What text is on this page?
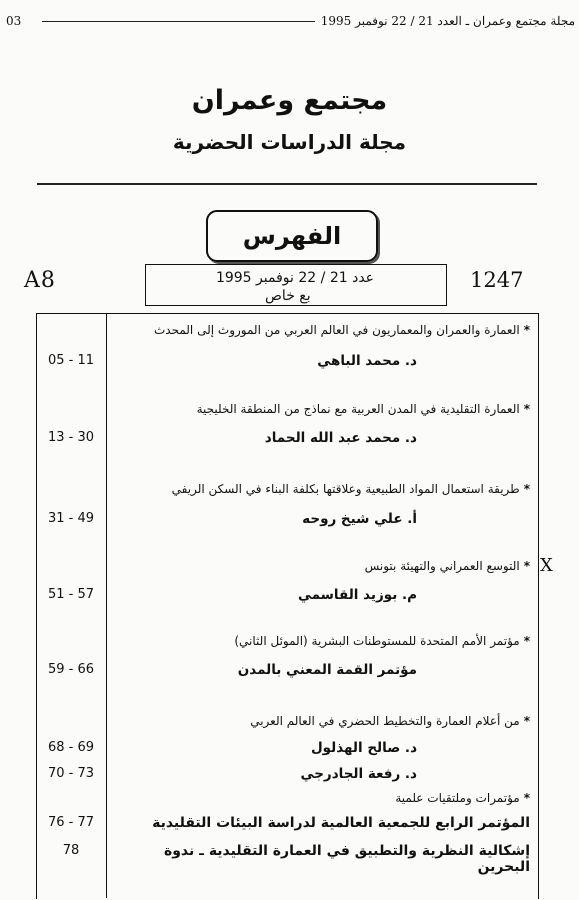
03	مجلة مجتمع وعمران ـ العدد 21 / 22 نوفمبر 1995
مجتمع وعمران
مجلة الدراسات الحضرية
الفهرس
A8	1247
عدد 21 / 22 نوفمبر 1995
بع خاص
*العمارة والعمران والمعماريون في العالم العربي من الموروث إلى المحدث
د. محمد الباهي
05 - 11
*العمارة التقليدية في المدن العربية مع نماذج من المنطقة الخليجية
د. محمد عبد الله الحماد
13 - 30
*طريقة استعمال المواد الطبيعية وعلاقتها بكلفة البناء في السكن الريفي
أ. علي شيخ روحه
31 - 49
*التوسع العمراني والتهيئة بتونس
م. بوزيد القاسمي
51 - 57
*مؤتمر الأمم المتحدة للمستوطنات البشرية (الموئل الثاني)
مؤتمر القمة المعني بالمدن
59 - 66
*من أعلام العمارة والتخطيط الحضري في العالم العربي
د. صالح الهذلول
68 - 69
د. رفعة الجادرجي
70 - 73
*مؤتمرات وملتقيات علمية
المؤتمر الرابع للجمعية العالمية لدراسة البيئات التقليدية
76 - 77
إشكالية النظرية والتطبيق في العمارة التقليدية ـ ندوة البحرين
78
X
